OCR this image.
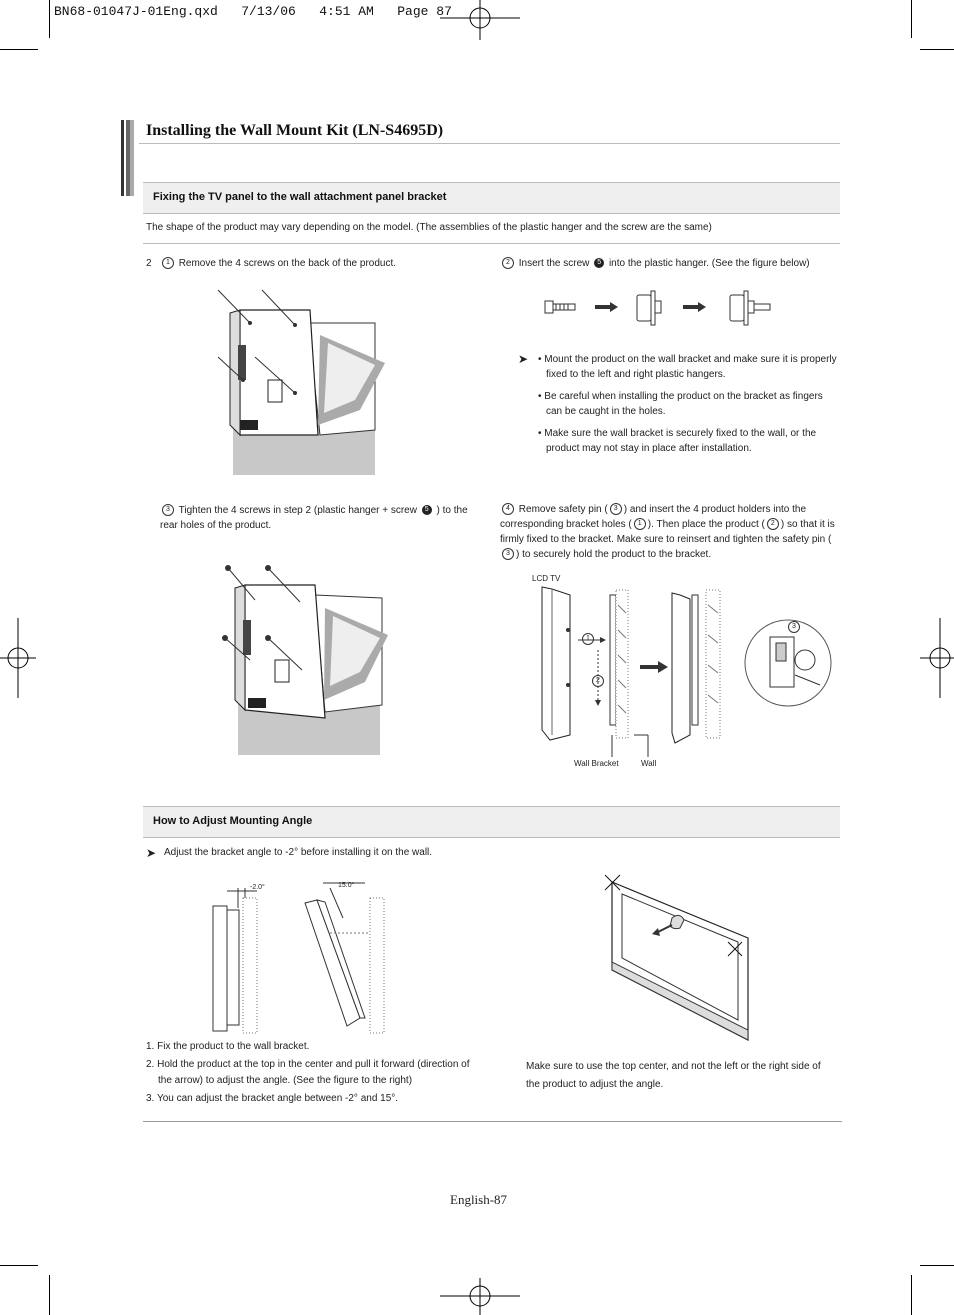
BN68-01047J-01Eng.qxd   7/13/06   4:51 AM   Page 87
Installing the Wall Mount Kit (LN-S4695D)
Fixing the TV panel to the wall attachment panel bracket
The shape of the product may vary depending on the model. (The assemblies of the plastic hanger and the screw are the same)
2 1 Remove the 4 screws on the back of the product.	2 Insert the screw 5 into the plastic hanger. (See the figure below)
➤ • Mount the product on the wall bracket and make sure it is properly fixed to the left and right plastic hangers.
• Be careful when installing the product on the bracket as fingers can be caught in the holes.
• Make sure the wall bracket is securely fixed to the wall, or the product may not stay in place after installation.
3 Tighten the 4 screws in step 2 (plastic hanger + screw 5 ) to the rear holes of the product.
4 Remove safety pin ( 3 ) and insert the 4 product holders into the corresponding bracket holes ( 1 ). Then place the product ( 2 ) so that it is firmly fixed to the bracket. Make sure to reinsert and tighten the safety pin (3 ) to securely hold the product to the bracket.
LCD TV
1
2
3
Wall Bracket	Wall
How to Adjust Mounting Angle
➤ Adjust the bracket angle to -2° before installing it on the wall.
-2.0°	15.0°
1. Fix the product to the wall bracket.
2. Hold the product at the top in the center and pull it forward (direction of the arrow) to adjust the angle. (See the figure to the right)
3. You can adjust the bracket angle between -2° and 15°.
Make sure to use the top center, and not the left or the right side of the product to adjust the angle.
English-87
